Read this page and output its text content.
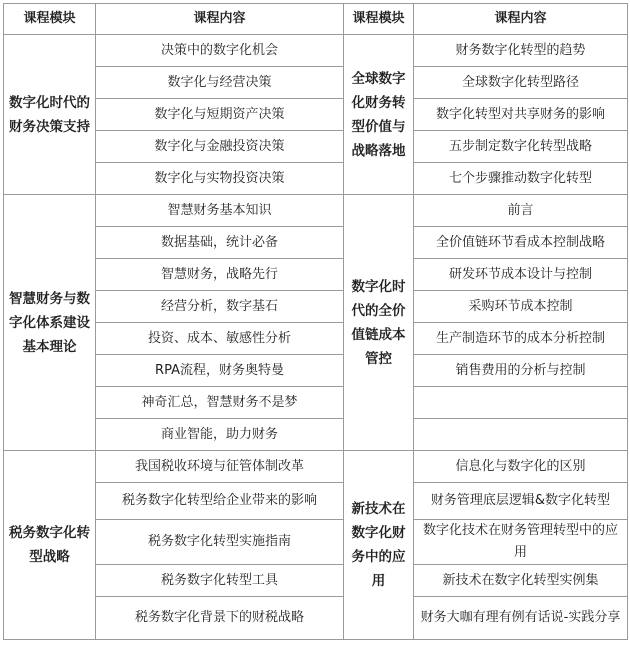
课程模块	课程内容	课程模块	课程内容
数字化时代的财务决策支持	决策中的数字化机会	全球数字化财务转型价值与战略落地	财务数字化转型的趋势
	数字化与经营决策		全球数字化转型路径
	数字化与短期资产决策		数字化转型对共享财务的影响
	数字化与金融投资决策		五步制定数字化转型战略
	数字化与实物投资决策		七个步骤推动数字化转型
智慧财务与数字化体系建设基本理论	智慧财务基本知识	数字化时代的全价值链成本管控	前言
	数据基础，统计必备		全价值链环节看成本控制战略
	智慧财务，战略先行		研发环节成本设计与控制
	经营分析，数字基石		采购环节成本控制
	投资、成本、敏感性分析		生产制造环节的成本分析控制
	RPA流程，财务奥特曼		销售费用的分析与控制
	神奇汇总，智慧财务不是梦		
	商业智能，助力财务		
税务数字化转型战略	我国税收环境与征管体制改革	新技术在数字化财务中的应用	信息化与数字化的区别
	税务数字化转型给企业带来的影响		财务管理底层逻辑&数字化转型
	税务数字化转型实施指南		数字化技术在财务管理转型中的应用
	税务数字化转型工具		新技术在数字化转型实例集
	税务数字化背景下的财税战略		财务大咖有理有例有话说-实践分享
